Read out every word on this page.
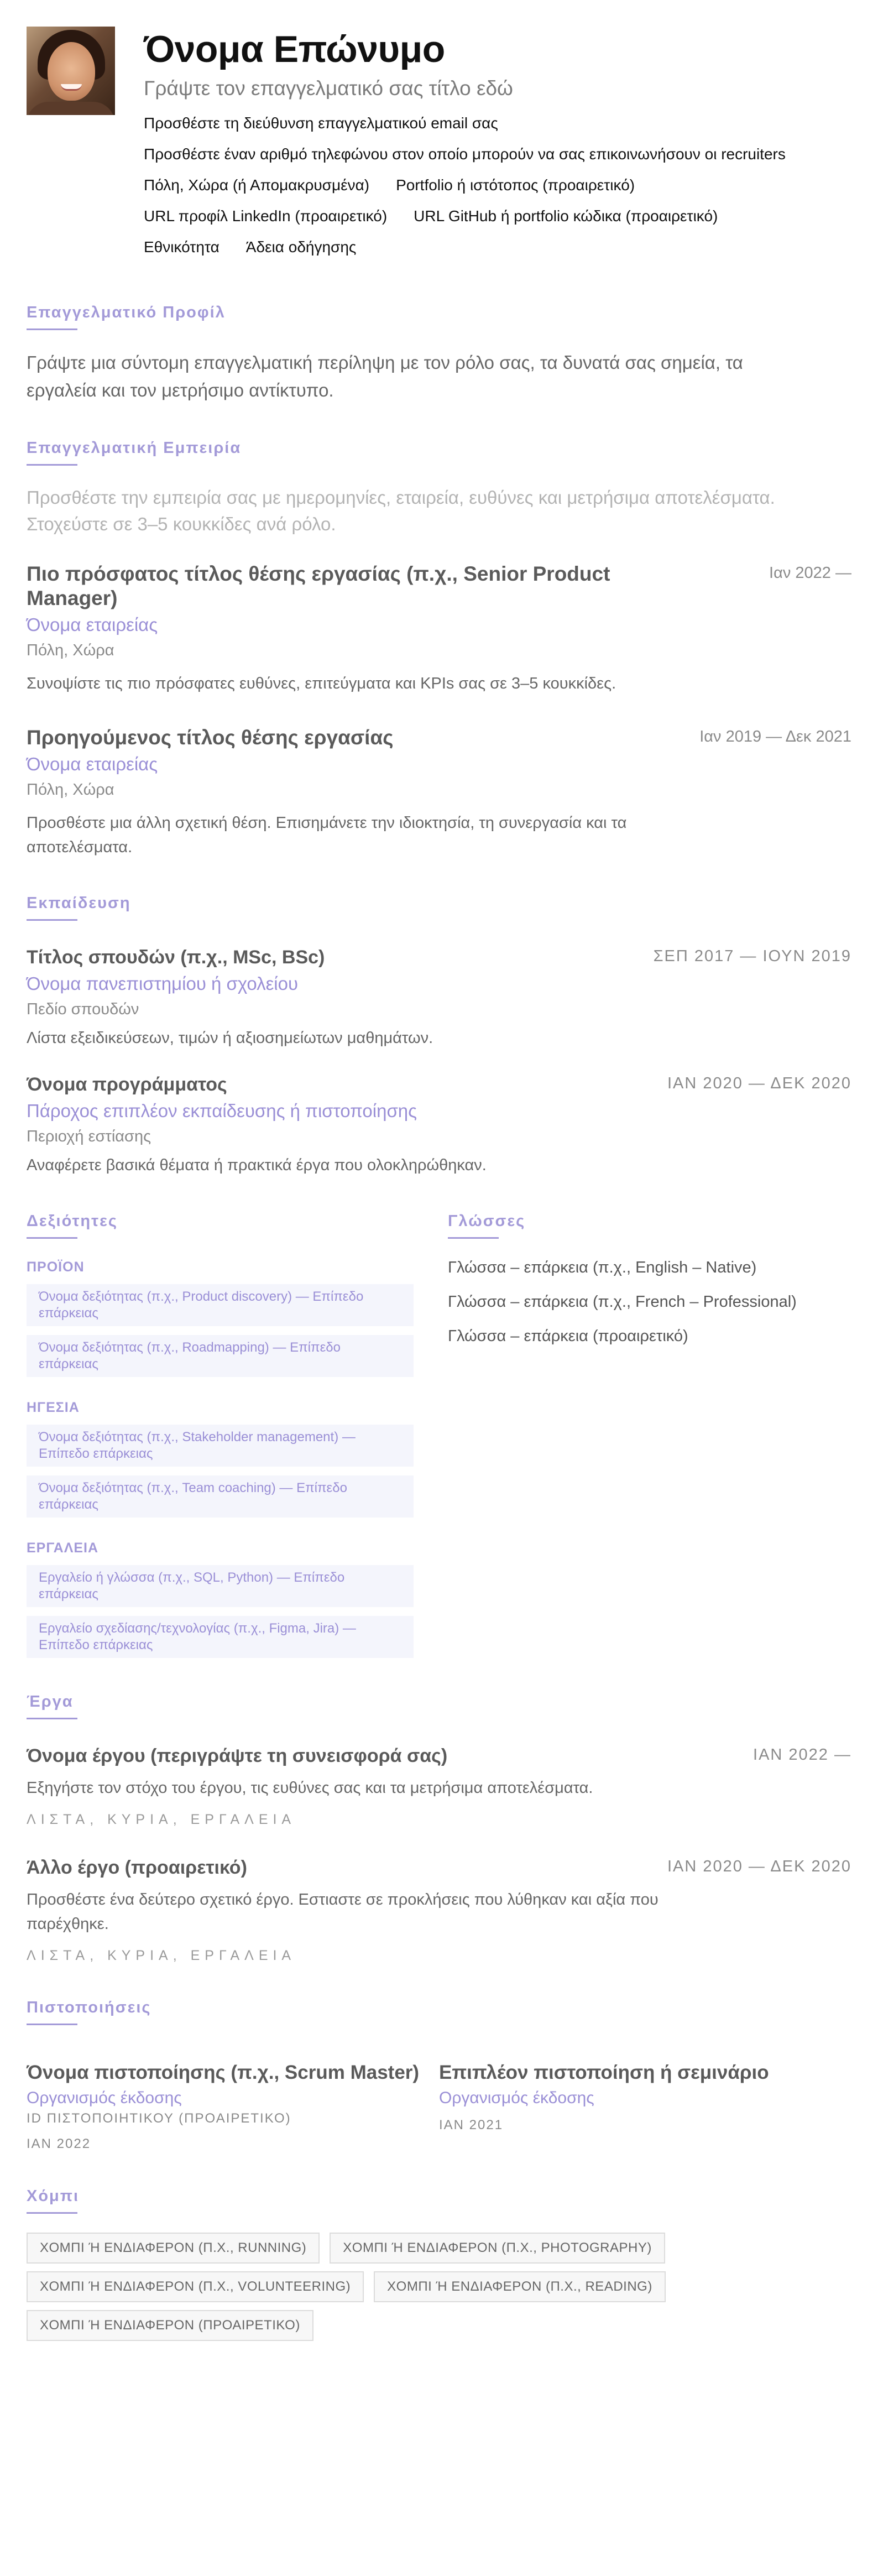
Όνομα Επώνυμο
Γράψτε τον επαγγελματικό σας τίτλο εδώ
Προσθέστε τη διεύθυνση επαγγελματικού email σας
Προσθέστε έναν αριθμό τηλεφώνου στον οποίο μπορούν να σας επικοινωνήσουν οι recruiters
Πόλη, Χώρα (ή Απομακρυσμένα) Portfolio ή ιστότοπος (προαιρετικό)
URL προφίλ LinkedIn (προαιρετικό) URL GitHub ή portfolio κώδικα (προαιρετικό)
Εθνικότητα Άδεια οδήγησης
Επαγγελματικό Προφίλ
Γράψτε μια σύντομη επαγγελματική περίληψη με τον ρόλο σας, τα δυνατά σας σημεία, τα εργαλεία και τον μετρήσιμο αντίκτυπο.
Επαγγελματική Εμπειρία
Προσθέστε την εμπειρία σας με ημερομηνίες, εταιρεία, ευθύνες και μετρήσιμα αποτελέσματα. Στοχεύστε σε 3–5 κουκκίδες ανά ρόλο.
Πιο πρόσφατος τίτλος θέσης εργασίας (π.χ., Senior Product Manager)
Ιαν 2022 —
Όνομα εταιρείας
Πόλη, Χώρα
Συνοψίστε τις πιο πρόσφατες ευθύνες, επιτεύγματα και KPIs σας σε 3–5 κουκκίδες.
Προηγούμενος τίτλος θέσης εργασίας	Ιαν 2019 — Δεκ 2021
Όνομα εταιρείας
Πόλη, Χώρα
Προσθέστε μια άλλη σχετική θέση. Επισημάνετε την ιδιοκτησία, τη συνεργασία και τα αποτελέσματα.
Εκπαίδευση
Τίτλος σπουδών (π.χ., MSc, BSc)	ΣΕΠ 2017 — ΙΟΥΝ 2019
Όνομα πανεπιστημίου ή σχολείου
Πεδίο σπουδών
Λίστα εξειδικεύσεων, τιμών ή αξιοσημείωτων μαθημάτων.
Όνομα προγράμματος	ΙΑΝ 2020 — ΔΕΚ 2020
Πάροχος επιπλέον εκπαίδευσης ή πιστοποίησης
Περιοχή εστίασης
Αναφέρετε βασικά θέματα ή πρακτικά έργα που ολοκληρώθηκαν.
Δεξιότητες
ΠΡΟΪΟΝ
Όνομα δεξιότητας (π.χ., Product discovery) — Επίπεδο επάρκειας
Όνομα δεξιότητας (π.χ., Roadmapping) — Επίπεδο επάρκειας
ΗΓΕΣΙΑ
Όνομα δεξιότητας (π.χ., Stakeholder management) — Επίπεδο επάρκειας
Όνομα δεξιότητας (π.χ., Team coaching) — Επίπεδο επάρκειας
ΕΡΓΑΛΕΙΑ
Εργαλείο ή γλώσσα (π.χ., SQL, Python) — Επίπεδο επάρκειας
Εργαλείο σχεδίασης/τεχνολογίας (π.χ., Figma, Jira) — Επίπεδο επάρκειας
Γλώσσες
Γλώσσα – επάρκεια (π.χ., English – Native)
Γλώσσα – επάρκεια (π.χ., French – Professional)
Γλώσσα – επάρκεια (προαιρετικό)
Έργα
Όνομα έργου (περιγράψτε τη συνεισφορά σας)	ΙΑΝ 2022 —
Εξηγήστε τον στόχο του έργου, τις ευθύνες σας και τα μετρήσιμα αποτελέσματα.
ΛΙΣΤΑ, ΚΥΡΙΑ, ΕΡΓΑΛΕΙΑ
Άλλο έργο (προαιρετικό)	ΙΑΝ 2020 — ΔΕΚ 2020
Προσθέστε ένα δεύτερο σχετικό έργο. Εστιαστε σε προκλήσεις που λύθηκαν και αξία που παρέχθηκε.
ΛΙΣΤΑ, ΚΥΡΙΑ, ΕΡΓΑΛΕΙΑ
Πιστοποιήσεις
Όνομα πιστοποίησης (π.χ., Scrum Master)
Οργανισμός έκδοσης
ID ΠΙΣΤΟΠΟΙΗΤΙΚΟΥ (ΠΡΟΑΙΡΕΤΙΚΟ)
ΙΑΝ 2022
Επιπλέον πιστοποίηση ή σεμινάριο
Οργανισμός έκδοσης
ΙΑΝ 2021
Χόμπι
ΧΟΜΠΙ Ή ΕΝΔΙΑΦΕΡΟΝ (Π.Χ., RUNNING)	ΧΟΜΠΙ Ή ΕΝΔΙΑΦΕΡΟΝ (Π.Χ., PHOTOGRAPHY)
ΧΟΜΠΙ Ή ΕΝΔΙΑΦΕΡΟΝ (Π.Χ., VOLUNTEERING)	ΧΟΜΠΙ Ή ΕΝΔΙΑΦΕΡΟΝ (Π.Χ., READING)
ΧΟΜΠΙ Ή ΕΝΔΙΑΦΕΡΟΝ (ΠΡΟΑΙΡΕΤΙΚΟ)
